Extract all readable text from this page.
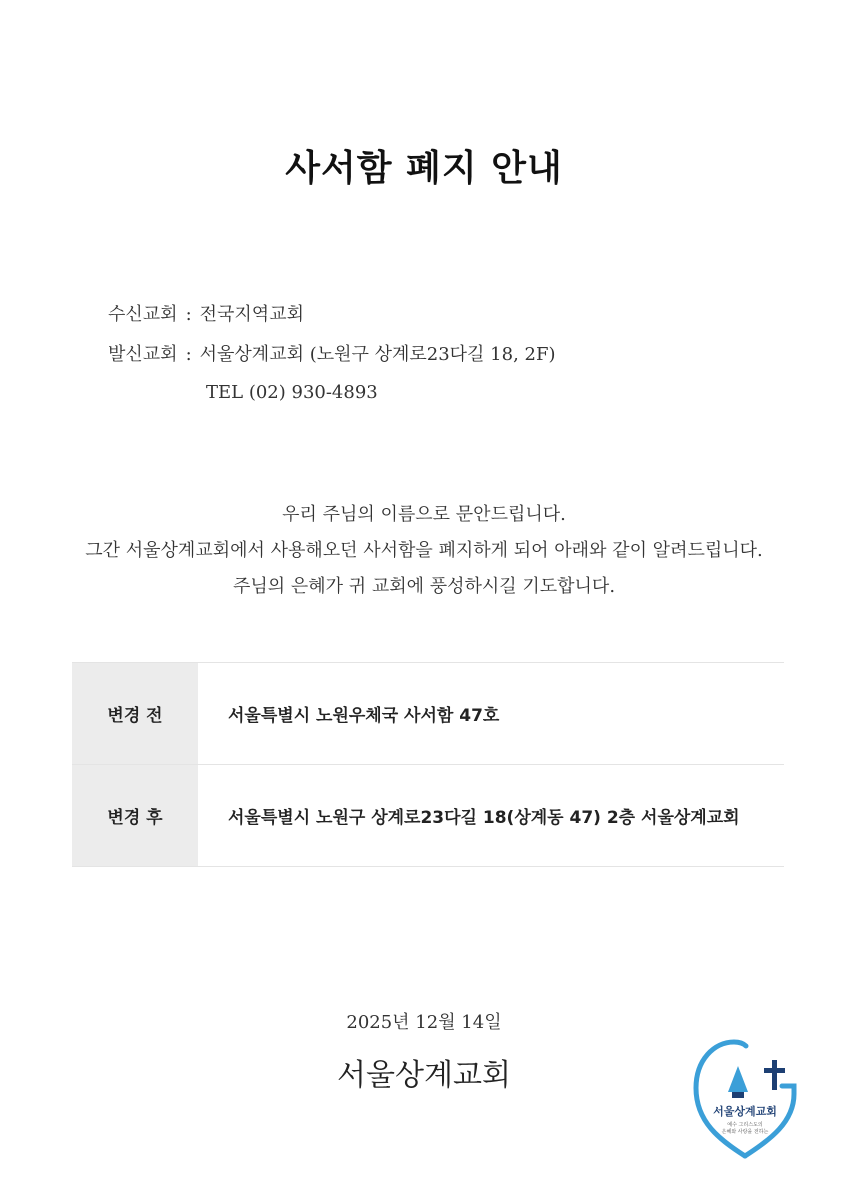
사서함 폐지 안내
수신교회 : 전국지역교회
발신교회 : 서울상계교회 (노원구 상계로23다길 18, 2F)
TEL (02) 930-4893
우리 주님의 이름으로 문안드립니다.
그간 서울상계교회에서 사용해오던 사서함을 폐지하게 되어 아래와 같이 알려드립니다.
주님의 은혜가 귀 교회에 풍성하시길 기도합니다.
변경 전	서울특별시 노원우체국 사서함 47호
변경 후	서울특별시 노원구 상계로23다길 18(상계동 47) 2층 서울상계교회
2025년 12월 14일
서울상계교회
서울상계교회
예수 그리스도의
은혜와 사랑을 전하는
